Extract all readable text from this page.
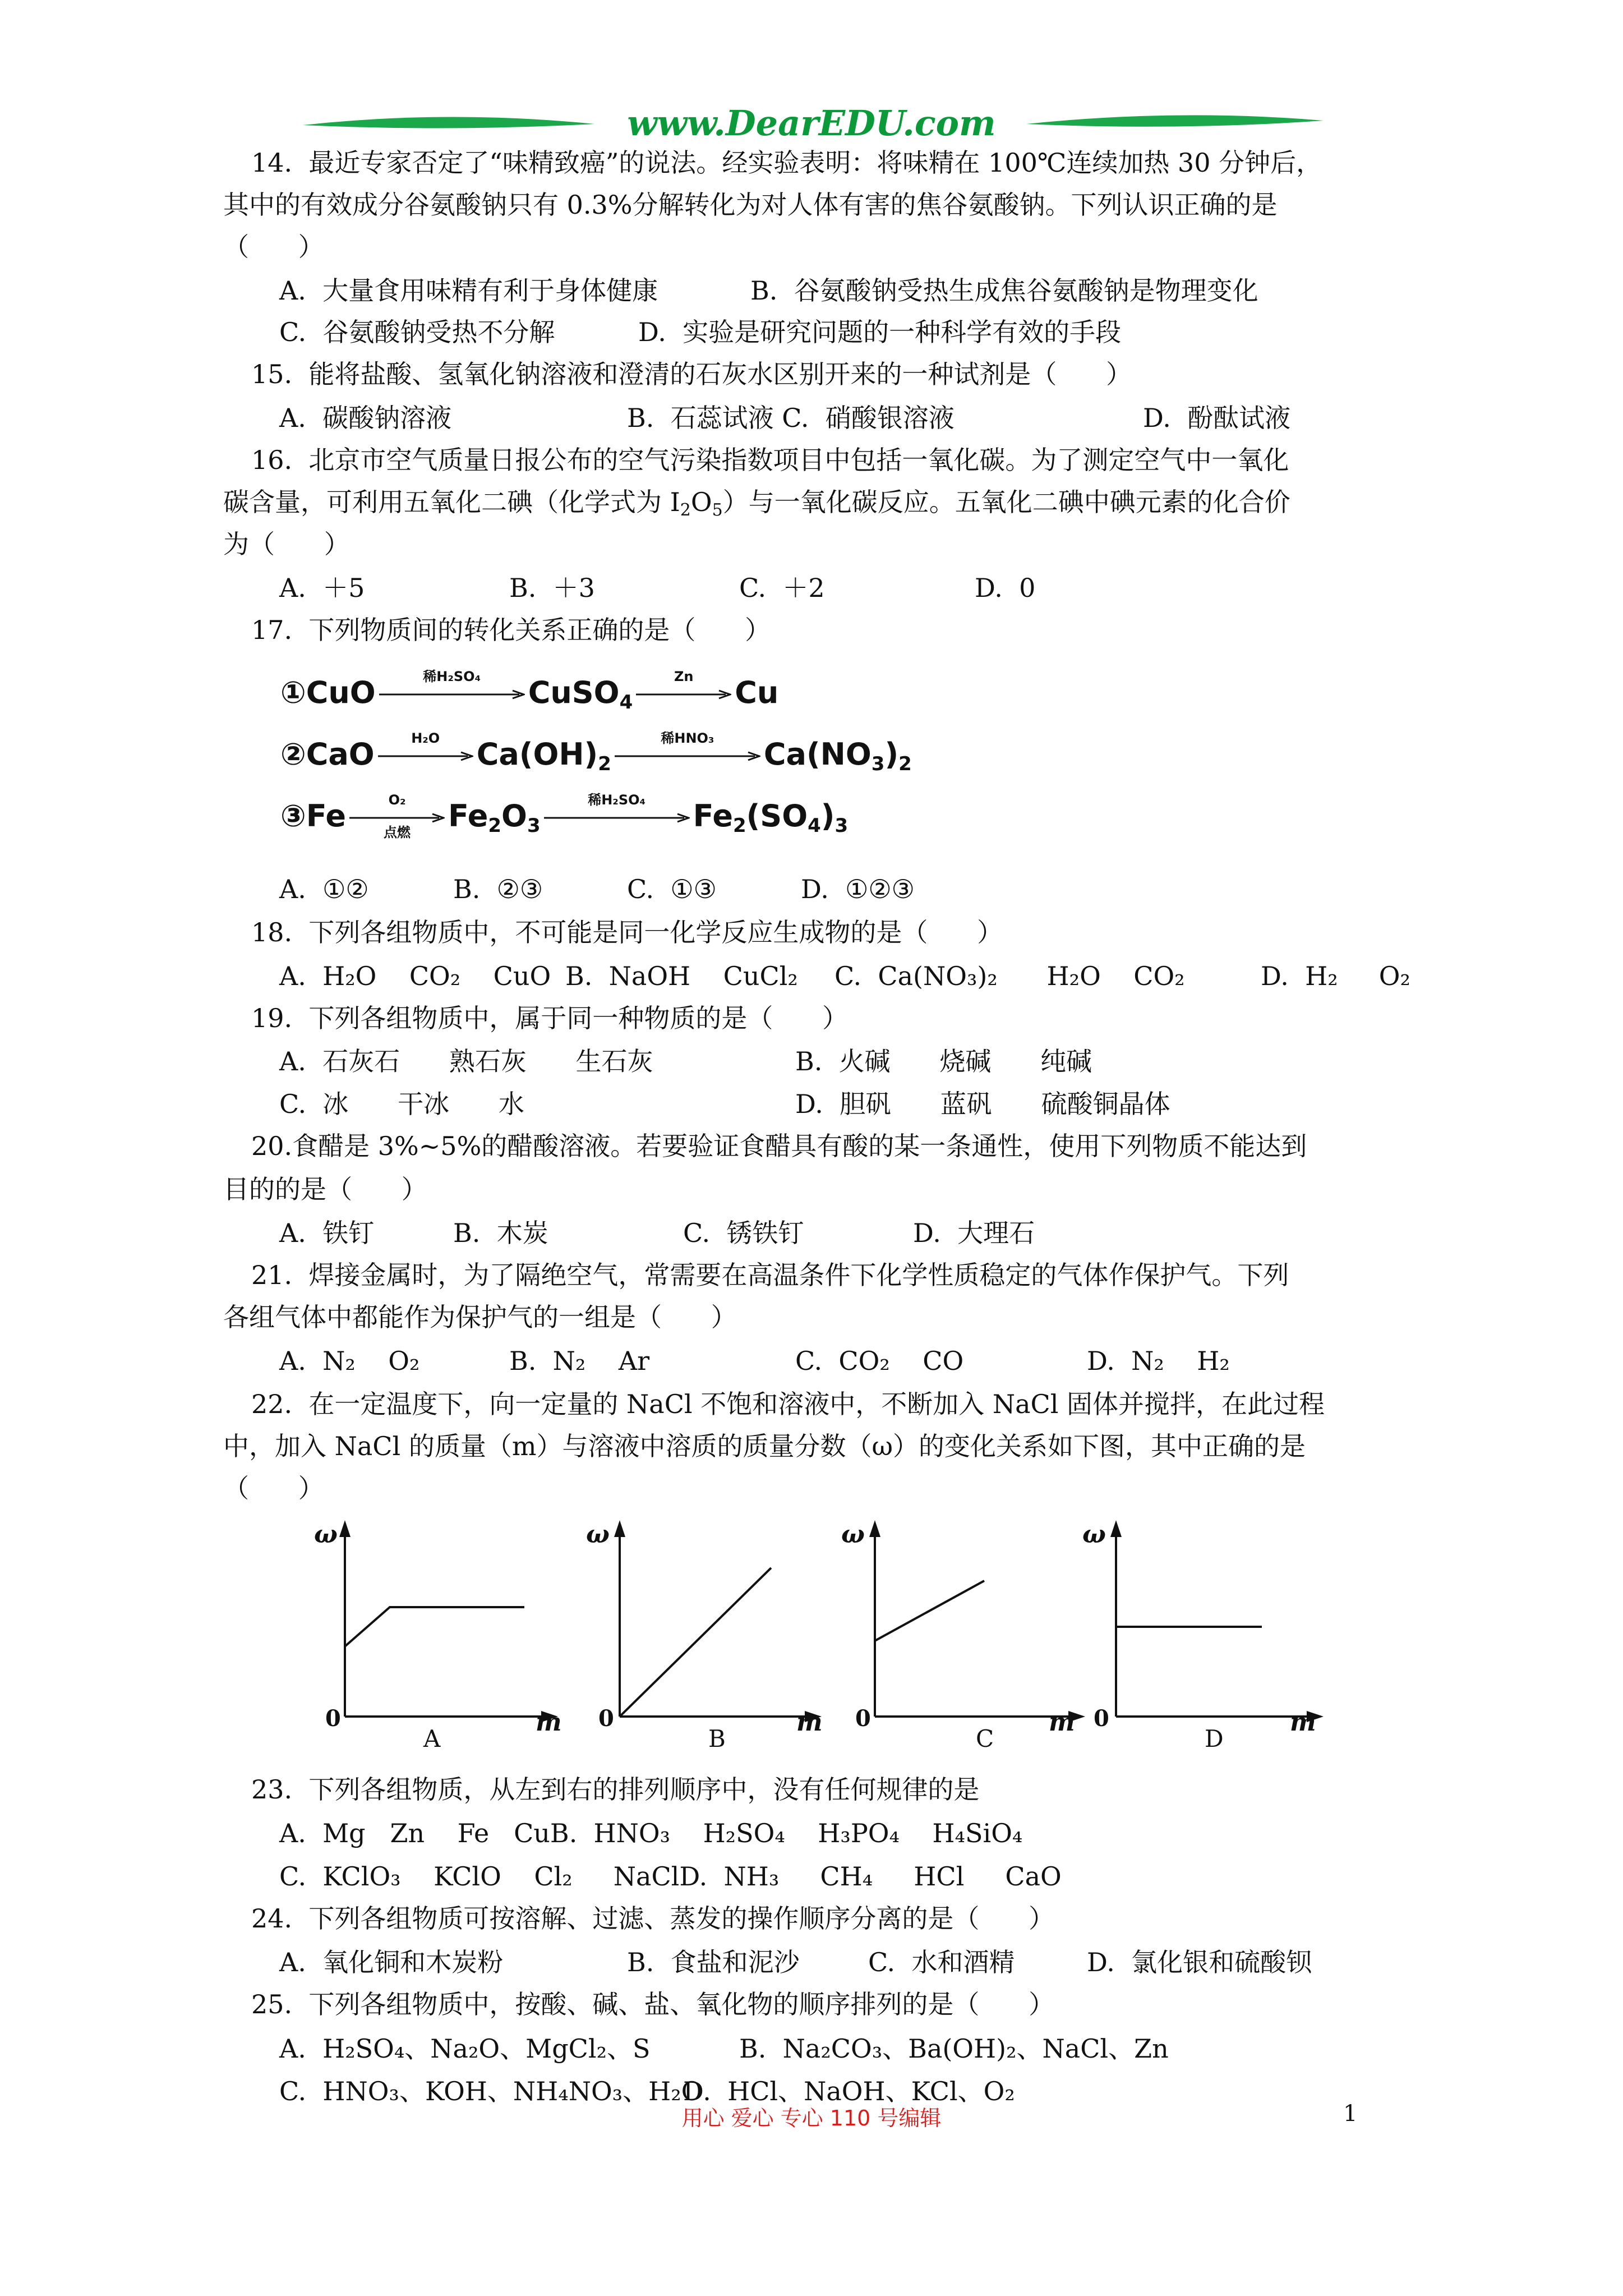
www.DearEDU.com
14.  最近专家否定了“味精致癌”的说法。经实验表明：将味精在 100℃连续加热 30 分钟后，
其中的有效成分谷氨酸钠只有 0.3%分解转化为对人体有害的焦谷氨酸钠。下列认识正确的是
（      ）
A.  大量食用味精有利于身体健康	B.  谷氨酸钠受热生成焦谷氨酸钠是物理变化
C.  谷氨酸钠受热不分解	D.  实验是研究问题的一种科学有效的手段
15.  能将盐酸、氢氧化钠溶液和澄清的石灰水区别开来的一种试剂是（      ）
A.  碳酸钠溶液	B.  石蕊试液 C.  硝酸银溶液	D.  酚酞试液
16.  北京市空气质量日报公布的空气污染指数项目中包括一氧化碳。为了测定空气中一氧化
碳含量，可利用五氧化二碘（化学式为 $I_2O_5$）与一氧化碳反应。五氧化二碘中碘元素的化合价
为（      ）
A.  ＋5	B.  ＋3	C.  ＋2	D.  0
17.  下列物质间的转化关系正确的是（      ）
①CuO	稀H₂SO₄	CuSO$_4$
Zn	Cu
②CaO	H₂O	$Ca(OH)_2$
稀HNO₃	$Ca(NO_3)_2$
③Fe	O₂
点燃	$Fe_2O_3$
稀H₂SO₄	$Fe_2(SO_4)_3$
A.  ①②	B.  ②③	C.  ①③	D.  ①②③
18.  下列各组物质中，不可能是同一化学反应生成物的是（      ）
A.  H₂O    CO₂    CuO B.  NaOH    CuCl₂ C.  Ca(NO₃)₂      H₂O    CO₂	D.  H₂     O₂
19.  下列各组物质中，属于同一种物质的是（      ）
A.  石灰石      熟石灰      生石灰	B.  火碱      烧碱      纯碱
C.  冰      干冰      水	D.  胆矾      蓝矾      硫酸铜晶体
20.食醋是 3%~5%的醋酸溶液。若要验证食醋具有酸的某一条通性，使用下列物质不能达到
目的的是（      ）
A.  铁钉	B.  木炭	C.  锈铁钉	D.  大理石
21.  焊接金属时，为了隔绝空气，常需要在高温条件下化学性质稳定的气体作保护气。下列
各组气体中都能作为保护气的一组是（      ）
A.  N₂    O₂	B.  N₂    Ar	C.  CO₂    CO	D.  N₂    H₂
22.  在一定温度下，向一定量的 NaCl 不饱和溶液中，不断加入 NaCl 固体并搅拌，在此过程
中，加入 NaCl 的质量（m）与溶液中溶质的质量分数（ω）的变化关系如下图，其中正确的是
（      ）
ω
m
0
A
ω
m
0
B
ω
m
0
C
ω
m
0
D
23.  下列各组物质，从左到右的排列顺序中，没有任何规律的是
A.  Mg   Zn    Fe   CuB.  HNO₃    H₂SO₄    H₃PO₄    H₄SiO₄
C.  KClO₃    KClO    Cl₂     NaClD.  NH₃     CH₄     HCl     CaO
24.  下列各组物质可按溶解、过滤、蒸发的操作顺序分离的是（      ）
A.  氧化铜和木炭粉	B.  食盐和泥沙	C.  水和酒精	D.  氯化银和硫酸钡
25.  下列各组物质中，按酸、碱、盐、氧化物的顺序排列的是（      ）
A.  H₂SO₄、Na₂O、MgCl₂、S	B.  Na₂CO₃、Ba(OH)₂、NaCl、Zn
C.  HNO₃、KOH、NH₄NO₃、H₂O
D.  HCl、NaOH、KCl、O₂
用心 爱心 专心 110 号编辑	1
